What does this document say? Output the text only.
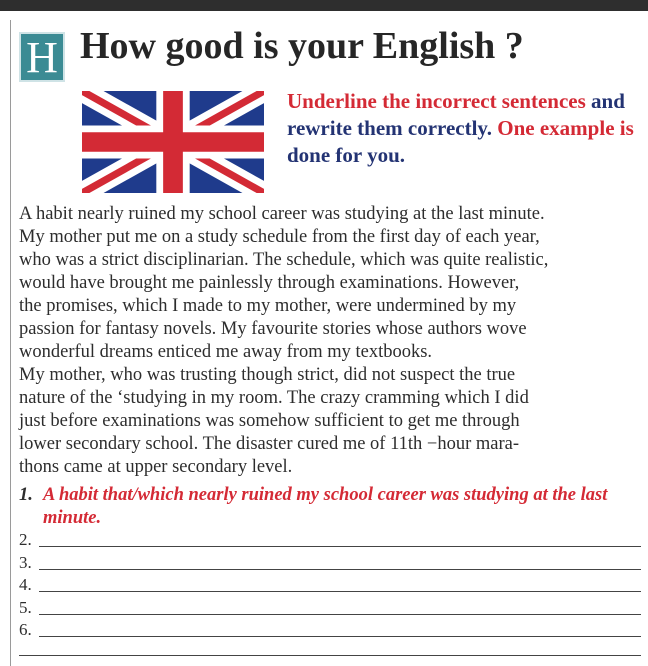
H How good is your English ?
Underline the incorrect sentences and rewrite them correctly. One example is done for you.
A habit nearly ruined my school career was studying at the last minute.
My mother put me on a study schedule from the first day of each year,
who was a strict disciplinarian. The schedule, which was quite realistic,
would have brought me painlessly through examinations. However,
the promises, which I made to my mother, were undermined by my
passion for fantasy novels. My favourite stories whose authors wove
wonderful dreams enticed me away from my textbooks.
My mother, who was trusting though strict, did not suspect the true
nature of the ‘studying in my room. The crazy cramming which I did
just before examinations was somehow sufficient to get me through
lower secondary school. The disaster cured me of 11th −hour mara-
thons came at upper secondary level.
1. A habit that/which nearly ruined my school career was studying at the last minute.
2.
3.
4.
5.
6.
